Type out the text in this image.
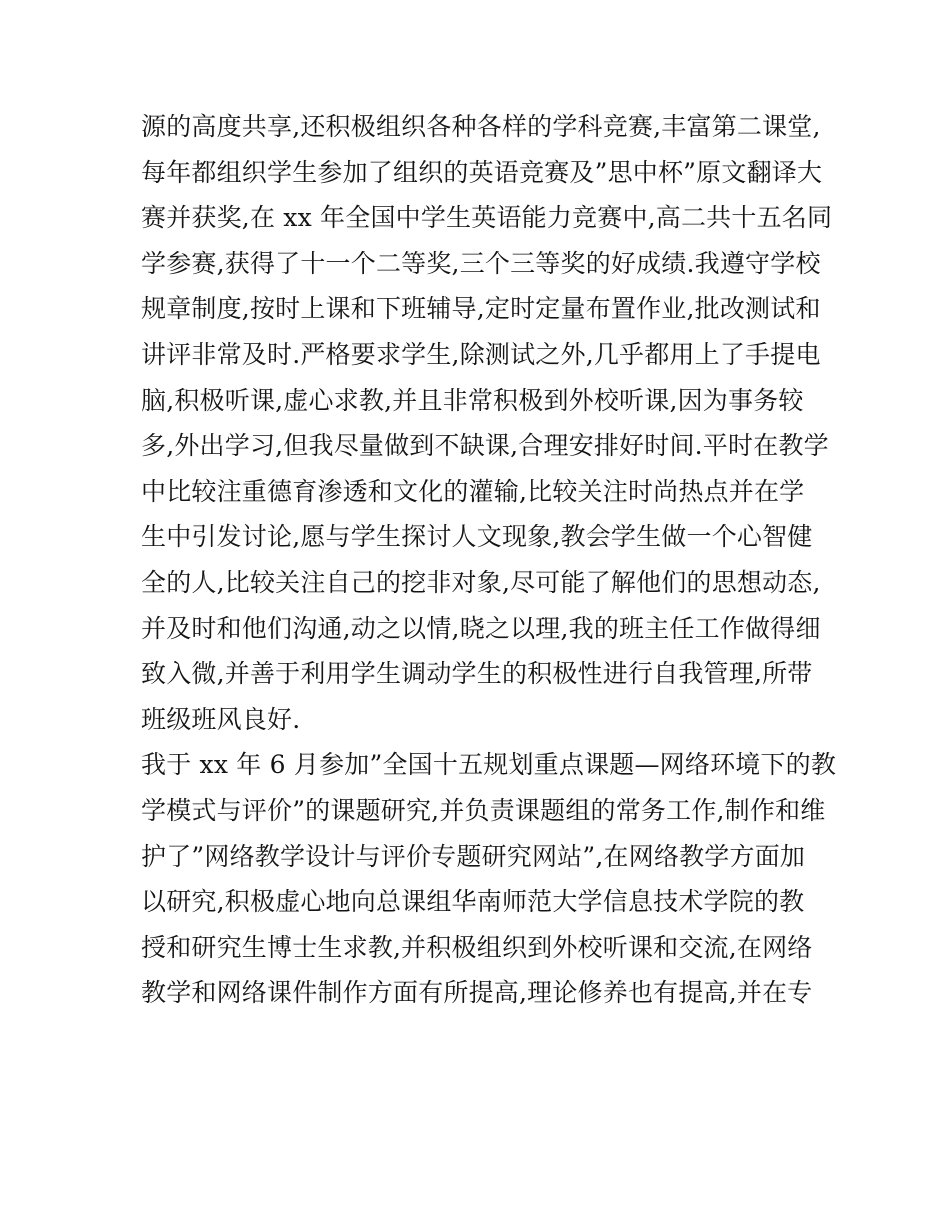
源的高度共享,还积极组织各种各样的学科竞赛,丰富第二课堂,
每年都组织学生参加了组织的英语竞赛及”思中杯”原文翻译大
赛并获奖,在 xx 年全国中学生英语能力竞赛中,高二共十五名同
学参赛,获得了十一个二等奖,三个三等奖的好成绩.我遵守学校
规章制度,按时上课和下班辅导,定时定量布置作业,批改测试和
讲评非常及时.严格要求学生,除测试之外,几乎都用上了手提电
脑,积极听课,虚心求教,并且非常积极到外校听课,因为事务较
多,外出学习,但我尽量做到不缺课,合理安排好时间.平时在教学
中比较注重德育渗透和文化的灌输,比较关注时尚热点并在学
生中引发讨论,愿与学生探讨人文现象,教会学生做一个心智健
全的人,比较关注自己的挖非对象,尽可能了解他们的思想动态,
并及时和他们沟通,动之以情,晓之以理,我的班主任工作做得细
致入微,并善于利用学生调动学生的积极性进行自我管理,所带
班级班风良好.
我于 xx 年 6 月参加”全国十五规划重点课题—网络环境下的教
学模式与评价”的课题研究,并负责课题组的常务工作,制作和维
护了”网络教学设计与评价专题研究网站”,在网络教学方面加
以研究,积极虚心地向总课组华南师范大学信息技术学院的教
授和研究生博士生求教,并积极组织到外校听课和交流,在网络
教学和网络课件制作方面有所提高,理论修养也有提高,并在专
